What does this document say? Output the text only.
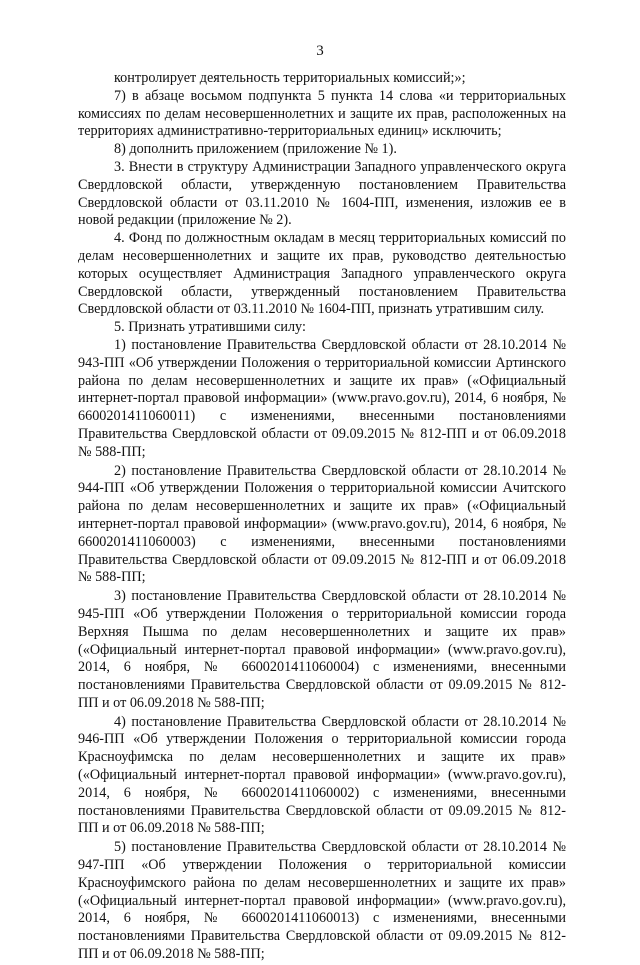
3

контролирует деятельность территориальных комиссий;»;

7) в абзаце восьмом подпункта 5 пункта 14 слова «и территориальных комиссиях по делам несовершеннолетних и защите их прав, расположенных на территориях административно-территориальных единиц» исключить;

8) дополнить приложением (приложение № 1).

3. Внести в структуру Администрации Западного управленческого округа Свердловской области, утвержденную постановлением Правительства Свердловской области от 03.11.2010 № 1604-ПП, изменения, изложив ее в новой редакции (приложение № 2).

4. Фонд по должностным окладам в месяц территориальных комиссий по делам несовершеннолетних и защите их прав, руководство деятельностью которых осуществляет Администрация Западного управленческого округа Свердловской области, утвержденный постановлением Правительства Свердловской области от 03.11.2010 № 1604-ПП, признать утратившим силу.

5. Признать утратившими силу:

1) постановление Правительства Свердловской области от 28.10.2014 № 943-ПП «Об утверждении Положения о территориальной комиссии Артинского района по делам несовершеннолетних и защите их прав» («Официальный интернет-портал правовой информации» (www.pravo.gov.ru), 2014, 6 ноября, № 6600201411060011) с изменениями, внесенными постановлениями Правительства Свердловской области от 09.09.2015 № 812-ПП и от 06.09.2018 № 588-ПП;

2) постановление Правительства Свердловской области от 28.10.2014 № 944-ПП «Об утверждении Положения о территориальной комиссии Ачитского района по делам несовершеннолетних и защите их прав» («Официальный интернет-портал правовой информации» (www.pravo.gov.ru), 2014, 6 ноября, № 6600201411060003) с изменениями, внесенными постановлениями Правительства Свердловской области от 09.09.2015 № 812-ПП и от 06.09.2018 № 588-ПП;

3) постановление Правительства Свердловской области от 28.10.2014 № 945-ПП «Об утверждении Положения о территориальной комиссии города Верхняя Пышма по делам несовершеннолетних и защите их прав» («Официальный интернет-портал правовой информации» (www.pravo.gov.ru), 2014, 6 ноября, № 6600201411060004) с изменениями, внесенными постановлениями Правительства Свердловской области от 09.09.2015 № 812-ПП и от 06.09.2018 № 588-ПП;

4) постановление Правительства Свердловской области от 28.10.2014 № 946-ПП «Об утверждении Положения о территориальной комиссии города Красноуфимска по делам несовершеннолетних и защите их прав» («Официальный интернет-портал правовой информации» (www.pravo.gov.ru), 2014, 6 ноября, № 6600201411060002) с изменениями, внесенными постановлениями Правительства Свердловской области от 09.09.2015 № 812-ПП и от 06.09.2018 № 588-ПП;

5) постановление Правительства Свердловской области от 28.10.2014 № 947-ПП «Об утверждении Положения о территориальной комиссии Красноуфимского района по делам несовершеннолетних и защите их прав» («Официальный интернет-портал правовой информации» (www.pravo.gov.ru), 2014, 6 ноября, № 6600201411060013) с изменениями, внесенными постановлениями Правительства Свердловской области от 09.09.2015 № 812-ПП и от 06.09.2018 № 588-ПП;
